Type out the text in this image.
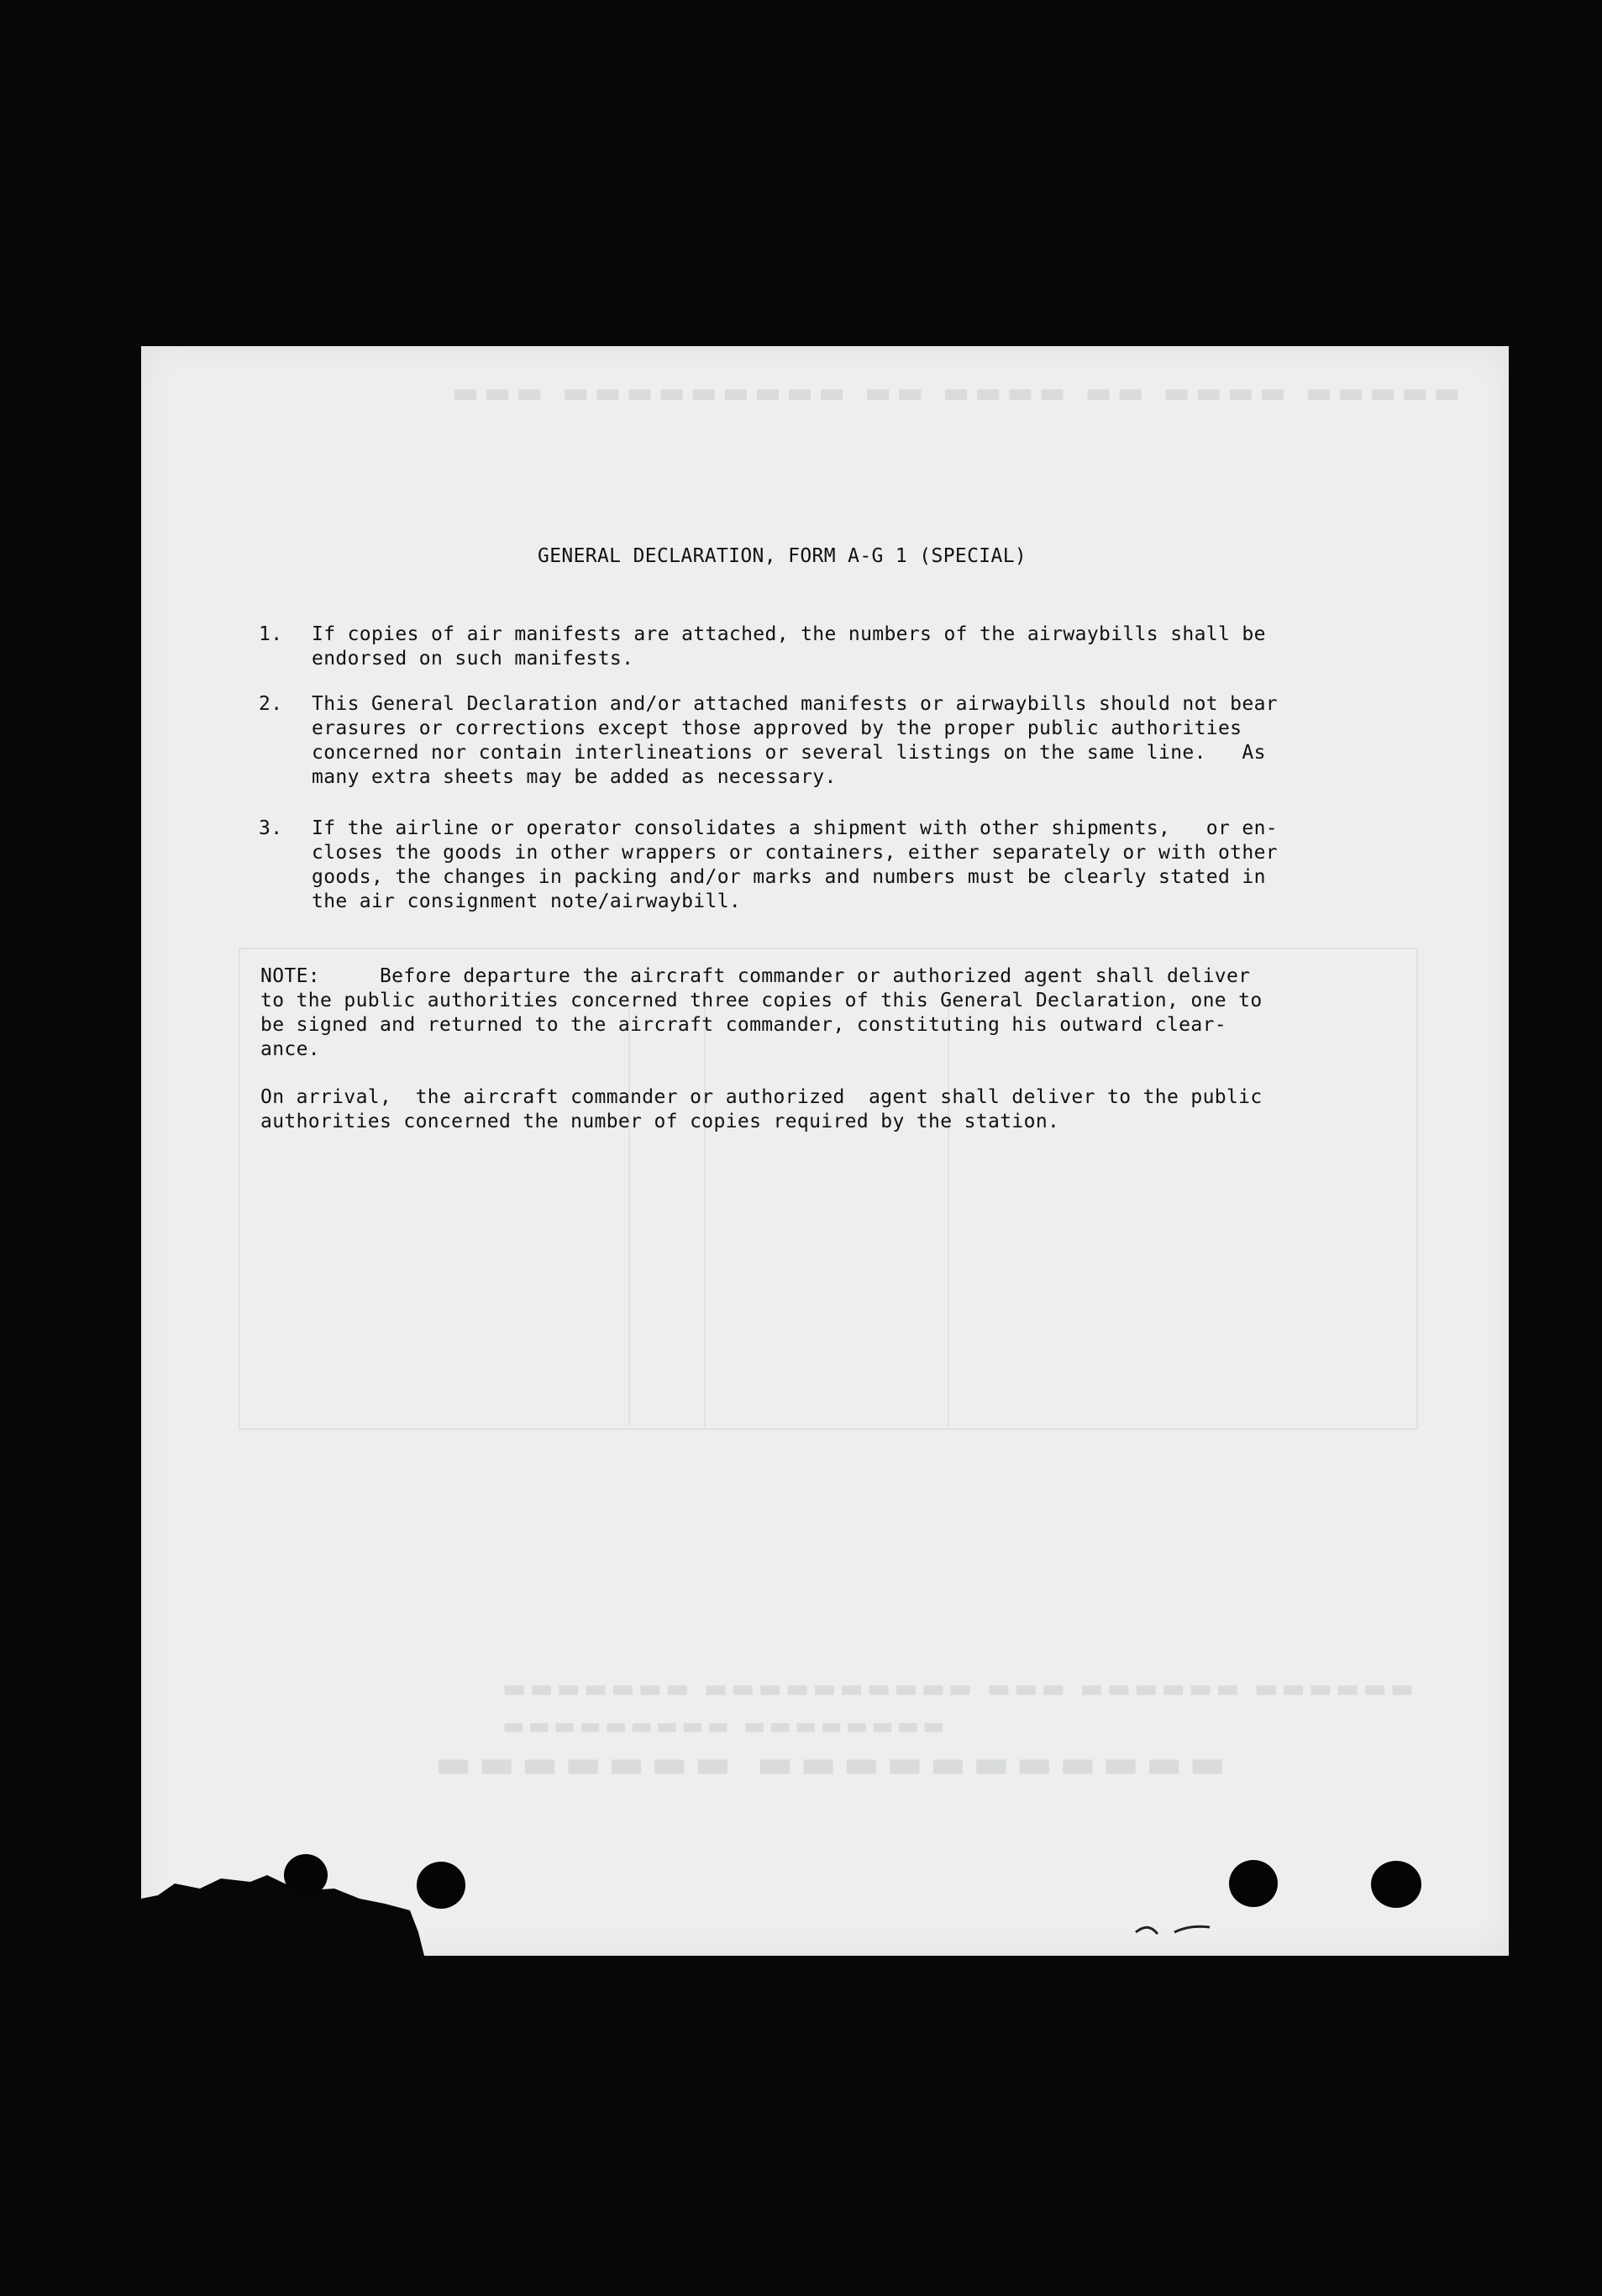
▬▬▬ ▬▬▬▬▬▬▬▬▬ ▬▬ ▬▬▬▬ ▬▬ ▬▬▬▬ ▬▬▬▬▬
▬▬▬▬▬▬▬ ▬▬▬▬▬▬▬▬▬▬ ▬▬▬ ▬▬▬▬▬▬ ▬▬▬▬▬▬
▬▬▬▬▬▬▬▬▬ ▬▬▬▬▬▬▬▬
▬▬▬▬▬▬▬ ▬▬▬▬▬▬▬▬▬▬▬
GENERAL DECLARATION, FORM A-G 1 (SPECIAL)
1. If copies of air manifests are attached, the numbers of the airwaybills shall be
endorsed on such manifests.
2. This General Declaration and/or attached manifests or airwaybills should not bear
erasures or corrections except those approved by the proper public authorities
concerned nor contain interlineations or several listings on the same line.   As
many extra sheets may be added as necessary.
3. If the airline or operator consolidates a shipment with other shipments,   or en-
closes the goods in other wrappers or containers, either separately or with other
goods, the changes in packing and/or marks and numbers must be clearly stated in
the air consignment note/airwaybill.
NOTE:     Before departure the aircraft commander or authorized agent shall deliver
to the public authorities concerned three copies of this General Declaration, one to
be signed and returned to the aircraft commander, constituting his outward clear-
ance.
On arrival,  the aircraft commander or authorized  agent shall deliver to the public
authorities concerned the number of copies required by the station.
